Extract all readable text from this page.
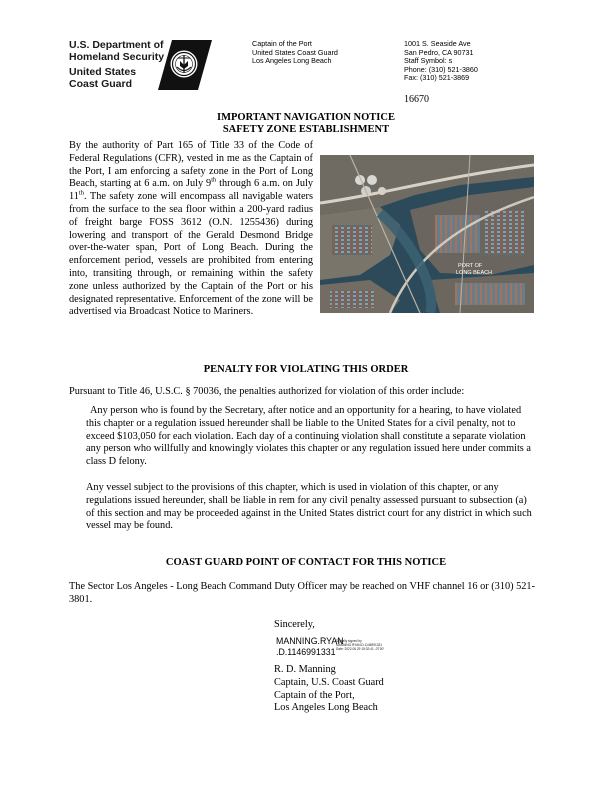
U.S. Department of
Homeland Security
United States
Coast Guard
Captain of the Port
United States Coast Guard
Los Angeles Long Beach
1001 S. Seaside Ave
San Pedro, CA 90731
Staff Symbol: s
Phone: (310) 521-3860
Fax: (310) 521-3869
16670
IMPORTANT NAVIGATION NOTICE
SAFETY ZONE ESTABLISHMENT
By the authority of Part 165 of Title 33 of the Code of Federal Regulations (CFR), vested in me as the Captain of the Port, I am enforcing a safety zone in the Port of Long Beach, starting at 6 a.m. on July 9th through 6 a.m. on July 11th. The safety zone will encompass all navigable waters from the surface to the sea floor within a 200-yard radius of freight barge FOSS 3612 (O.N. 1255436) during lowering and transport of the Gerald Desmond Bridge over-the-water span, Port of Long Beach. During the enforcement period, vessels are prohibited from entering into, transiting through, or remaining within the safety zone unless authorized by the Captain of the Port or his designated representative. Enforcement of the zone will be advertised via Broadcast Notice to Mariners.
PORT OF
LONG BEACH
PENALTY FOR VIOLATING THIS ORDER
Pursuant to Title 46, U.S.C. § 70036, the penalties authorized for violation of this order include:
Any person who is found by the Secretary, after notice and an opportunity for a hearing, to have violated this chapter or a regulation issued hereunder shall be liable to the United States for a civil penalty, not to exceed $103,050 for each violation. Each day of a continuing violation shall constitute a separate violation any person who willfully and knowingly violates this chapter or any regulation issued here under commits a class D felony.
Any vessel subject to the provisions of this chapter, which is used in violation of this chapter, or any regulations issued hereunder, shall be liable in rem for any civil penalty assessed pursuant to subsection (a) of this section and may be proceeded against in the United States district court for any district in which such vessel may be found.
COAST GUARD POINT OF CONTACT FOR THIS NOTICE
The Sector Los Angeles - Long Beach Command Duty Officer may be reached on VHF channel 16 or (310) 521-3801.
Sincerely,
MANNING.RYAN
.D.1146991331
Digitally signed by
MANNING.RYAN.D.1146991331
Date: 2022.06.29 15:32:41 -07'00'
R. D. Manning
Captain, U.S. Coast Guard
Captain of the Port,
Los Angeles Long Beach
